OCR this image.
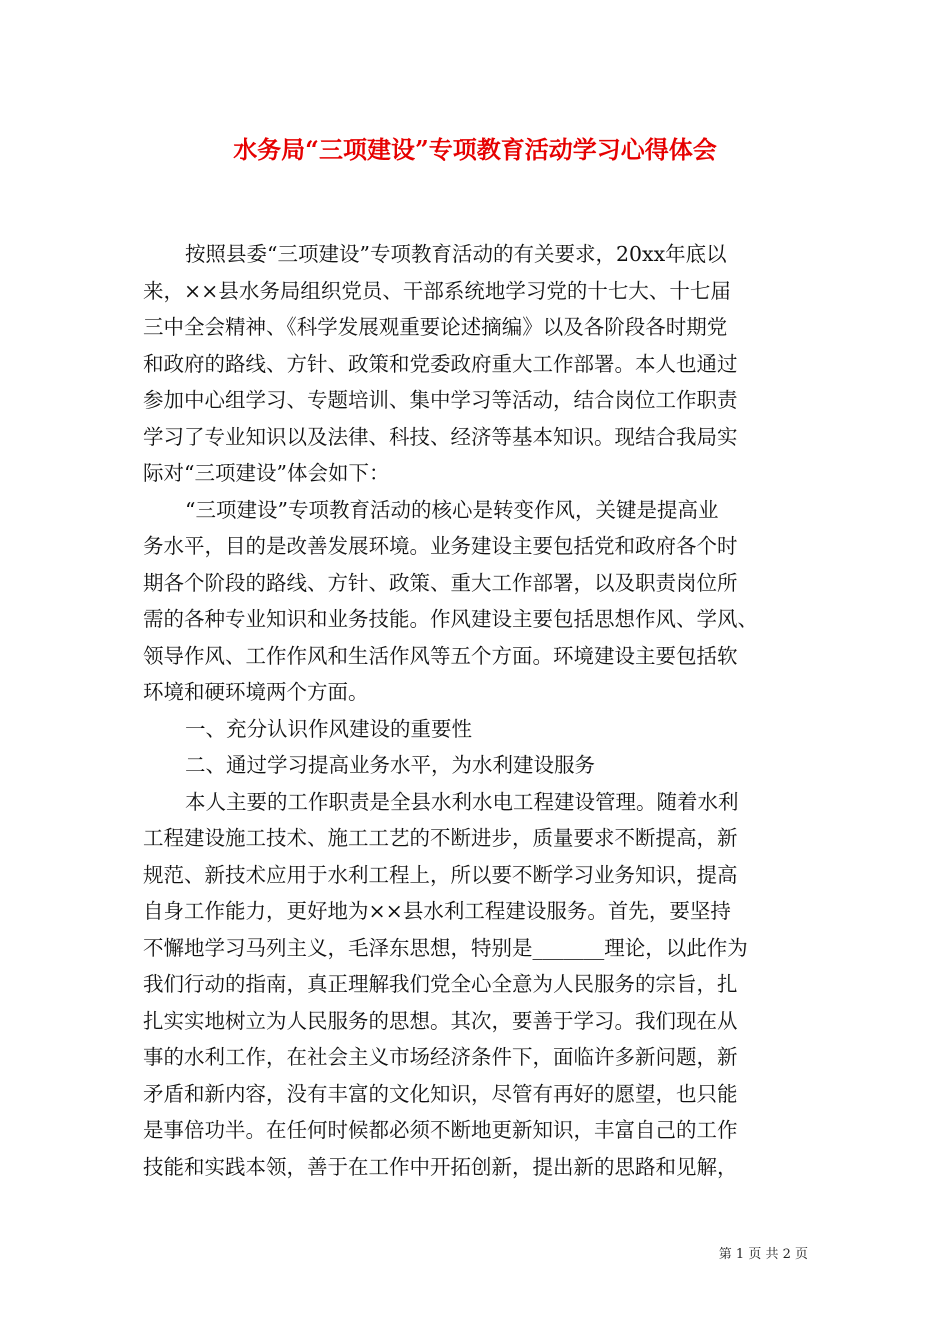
水务局“三项建设”专项教育活动学习心得体会
按照县委“三项建设”专项教育活动的有关要求，20xx年底以
来，××县水务局组织党员、干部系统地学习党的十七大、十七届
三中全会精神、《科学发展观重要论述摘编》以及各阶段各时期党
和政府的路线、方针、政策和党委政府重大工作部署。本人也通过
参加中心组学习、专题培训、集中学习等活动，结合岗位工作职责
学习了专业知识以及法律、科技、经济等基本知识。现结合我局实
际对“三项建设”体会如下：
“三项建设”专项教育活动的核心是转变作风，关键是提高业
务水平，目的是改善发展环境。业务建设主要包括党和政府各个时
期各个阶段的路线、方针、政策、重大工作部署，以及职责岗位所
需的各种专业知识和业务技能。作风建设主要包括思想作风、学风、
领导作风、工作作风和生活作风等五个方面。环境建设主要包括软
环境和硬环境两个方面。
一、充分认识作风建设的重要性
二、通过学习提高业务水平，为水利建设服务
本人主要的工作职责是全县水利水电工程建设管理。随着水利
工程建设施工技术、施工工艺的不断进步，质量要求不断提高，新
规范、新技术应用于水利工程上，所以要不断学习业务知识，提高
自身工作能力，更好地为××县水利工程建设服务。首先，要坚持
不懈地学习马列主义，毛泽东思想，特别是_______理论，以此作为
我们行动的指南，真正理解我们党全心全意为人民服务的宗旨，扎
扎实实地树立为人民服务的思想。其次，要善于学习。我们现在从
事的水利工作，在社会主义市场经济条件下，面临许多新问题，新
矛盾和新内容，没有丰富的文化知识，尽管有再好的愿望，也只能
是事倍功半。在任何时候都必须不断地更新知识，丰富自己的工作
技能和实践本领，善于在工作中开拓创新，提出新的思路和见解，
第 1 页 共 2 页
